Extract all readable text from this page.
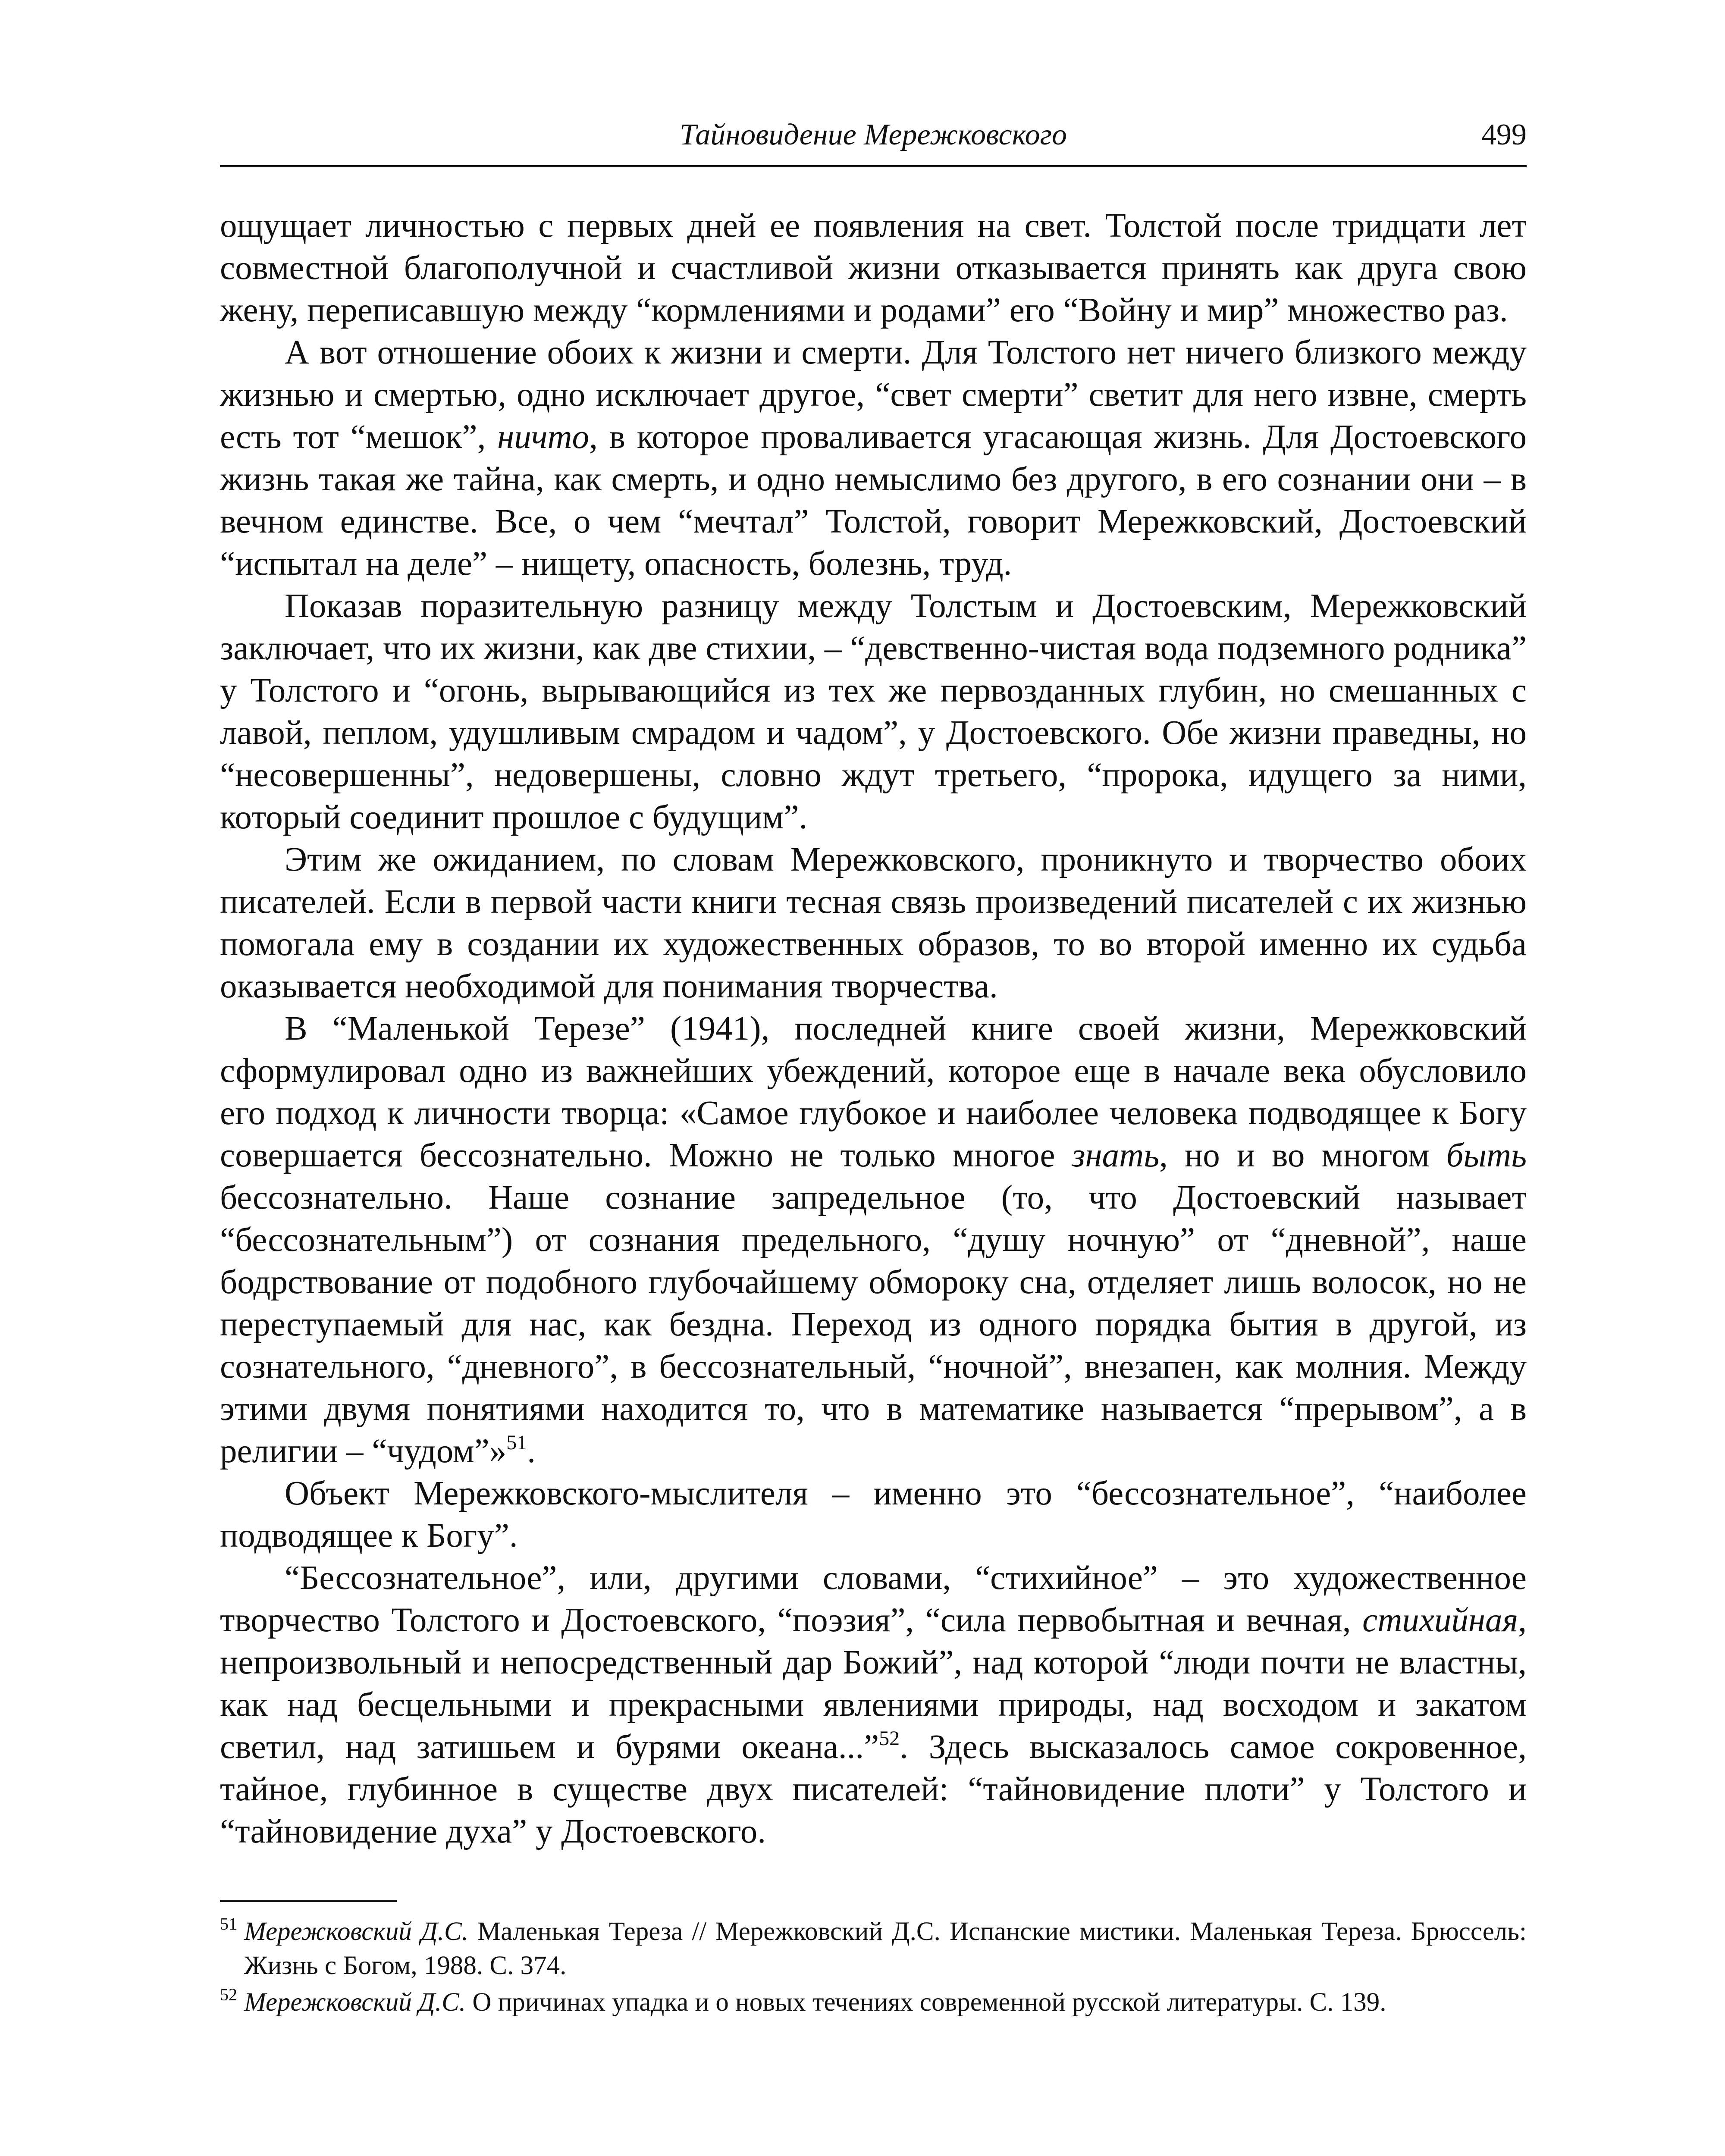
Тайновидение Мережковского	499

ощущает личностью с первых дней ее появления на свет. Толстой после тридцати лет совместной благополучной и счастливой жизни отказывается принять как друга свою жену, переписавшую между “кормлениями и родами” его “Войну и мир” множество раз.

А вот отношение обоих к жизни и смерти. Для Толстого нет ничего близкого между жизнью и смертью, одно исключает другое, “свет смерти” светит для него извне, смерть есть тот “мешок”, ничто, в которое проваливается угасающая жизнь. Для Достоевского жизнь такая же тайна, как смерть, и одно немыслимо без другого, в его сознании они – в вечном единстве. Все, о чем “мечтал” Толстой, говорит Мережковский, Достоевский “испытал на деле” – нищету, опасность, болезнь, труд.

Показав поразительную разницу между Толстым и Достоевским, Мережковский заключает, что их жизни, как две стихии, – “девственно-чистая вода подземного родника” у Толстого и “огонь, вырывающийся из тех же первозданных глубин, но смешанных с лавой, пеплом, удушливым смрадом и чадом”, у Достоевского. Обе жизни праведны, но “несовершенны”, недовершены, словно ждут третьего, “пророка, идущего за ними, который соединит прошлое с будущим”.

Этим же ожиданием, по словам Мережковского, проникнуто и творчество обоих писателей. Если в первой части книги тесная связь произведений писателей с их жизнью помогала ему в создании их художественных образов, то во второй именно их судьба оказывается необходимой для понимания творчества.

В “Маленькой Терезе” (1941), последней книге своей жизни, Мережковский сформулировал одно из важнейших убеждений, которое еще в начале века обусловило его подход к личности творца: «Самое глубокое и наиболее человека подводящее к Богу совершается бессознательно. Можно не только многое знать, но и во многом быть бессознательно. Наше сознание запредельное (то, что Достоевский называет “бессознательным”) от сознания предельного, “душу ночную” от “дневной”, наше бодрствование от подобного глубочайшему обмороку сна, отделяет лишь волосок, но не переступаемый для нас, как бездна. Переход из одного порядка бытия в другой, из сознательного, “дневного”, в бессознательный, “ночной”, внезапен, как молния. Между этими двумя понятиями находится то, что в математике называется “прерывом”, а в религии – “чудом”»$^{51}$.

Объект Мережковского-мыслителя – именно это “бессознательное”, “наиболее подводящее к Богу”.

“Бессознательное”, или, другими словами, “стихийное” – это художественное творчество Толстого и Достоевского, “поэзия”, “сила первобытная и вечная, стихийная, непроизвольный и непосредственный дар Божий”, над которой “люди почти не властны, как над бесцельными и прекрасными явлениями природы, над восходом и закатом светил, над затишьем и бурями океана...”$^{52}$. Здесь высказалось самое сокровенное, тайное, глубинное в существе двух писателей: “тайновидение плоти” у Толстого и “тайновидение духа” у Достоевского.

51 Мережковский Д.С. Маленькая Тереза // Мережковский Д.С. Испанские мистики. Маленькая Тереза. Брюссель: Жизнь с Богом, 1988. С. 374.

52 Мережковский Д.С. О причинах упадка и о новых течениях современной русской литературы. С. 139.
